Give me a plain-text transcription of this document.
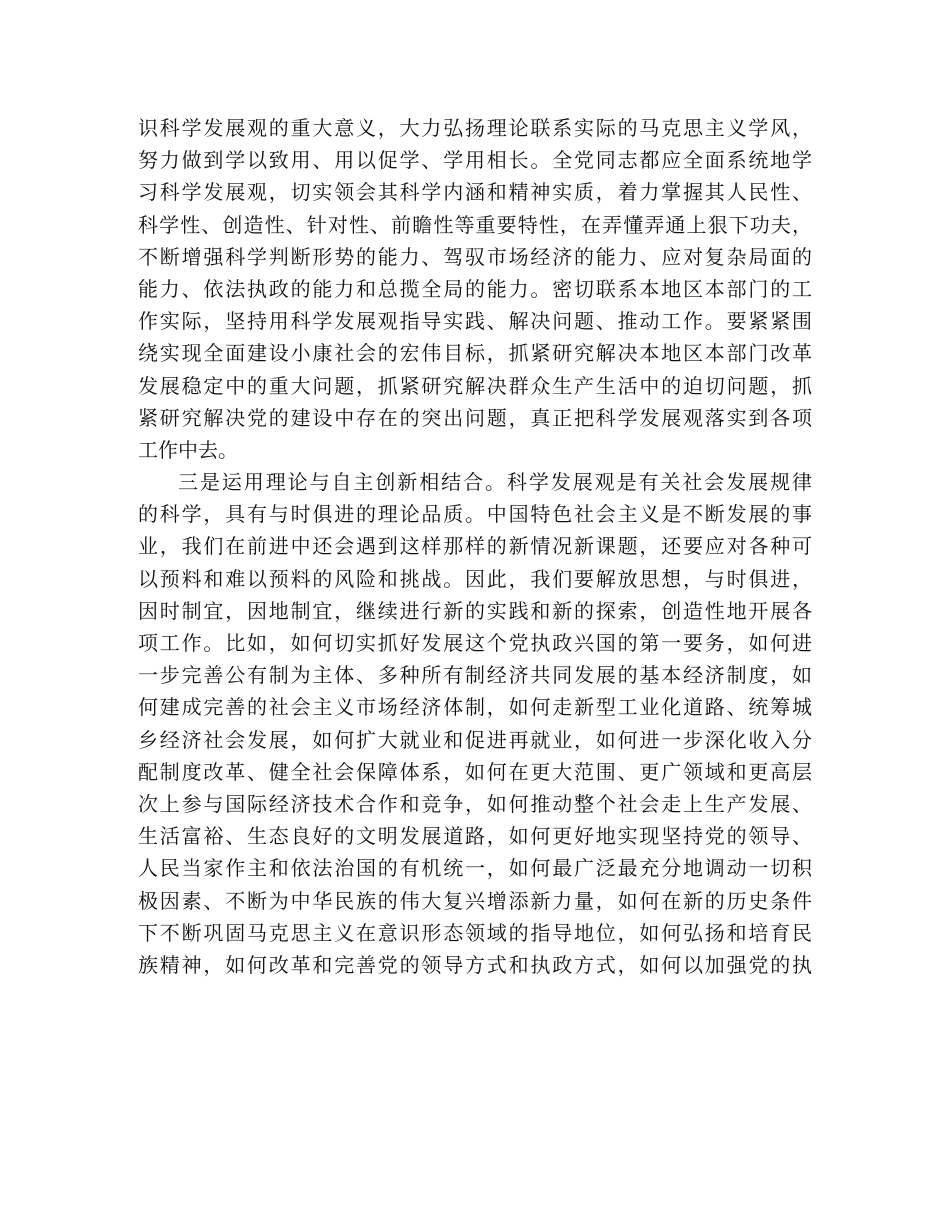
识科学发展观的重大意义，大力弘扬理论联系实际的马克思主义学风，
努力做到学以致用、用以促学、学用相长。全党同志都应全面系统地学
习科学发展观，切实领会其科学内涵和精神实质，着力掌握其人民性、
科学性、创造性、针对性、前瞻性等重要特性，在弄懂弄通上狠下功夫，
不断增强科学判断形势的能力、驾驭市场经济的能力、应对复杂局面的
能力、依法执政的能力和总揽全局的能力。密切联系本地区本部门的工
作实际，坚持用科学发展观指导实践、解决问题、推动工作。要紧紧围
绕实现全面建设小康社会的宏伟目标，抓紧研究解决本地区本部门改革
发展稳定中的重大问题，抓紧研究解决群众生产生活中的迫切问题，抓
紧研究解决党的建设中存在的突出问题，真正把科学发展观落实到各项
工作中去。
三是运用理论与自主创新相结合。科学发展观是有关社会发展规律
的科学，具有与时俱进的理论品质。中国特色社会主义是不断发展的事
业，我们在前进中还会遇到这样那样的新情况新课题，还要应对各种可
以预料和难以预料的风险和挑战。因此，我们要解放思想，与时俱进，
因时制宜，因地制宜，继续进行新的实践和新的探索，创造性地开展各
项工作。比如，如何切实抓好发展这个党执政兴国的第一要务，如何进
一步完善公有制为主体、多种所有制经济共同发展的基本经济制度，如
何建成完善的社会主义市场经济体制，如何走新型工业化道路、统筹城
乡经济社会发展，如何扩大就业和促进再就业，如何进一步深化收入分
配制度改革、健全社会保障体系，如何在更大范围、更广领域和更高层
次上参与国际经济技术合作和竞争，如何推动整个社会走上生产发展、
生活富裕、生态良好的文明发展道路，如何更好地实现坚持党的领导、
人民当家作主和依法治国的有机统一，如何最广泛最充分地调动一切积
极因素、不断为中华民族的伟大复兴增添新力量，如何在新的历史条件
下不断巩固马克思主义在意识形态领域的指导地位，如何弘扬和培育民
族精神，如何改革和完善党的领导方式和执政方式，如何以加强党的执
